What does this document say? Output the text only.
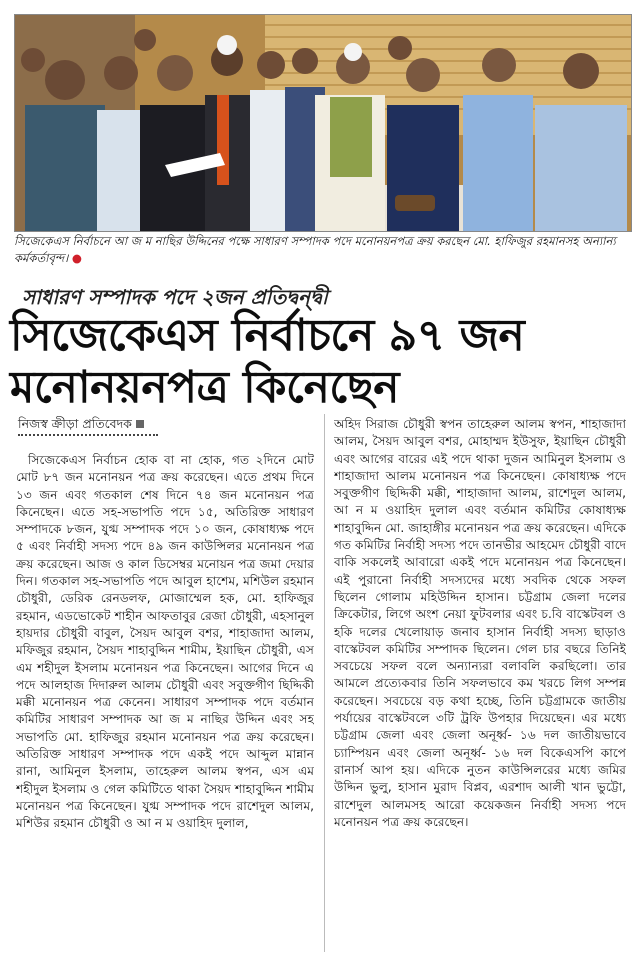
সিজেকেএস নির্বাচনে আ জ ম নাছির উদ্দিনের পক্ষে সাধারণ সম্পাদক পদে মনোনয়নপত্র ক্রয় করছেন মো. হাফিজুর রহমানসহ অন্যান্য কর্মকর্তাবৃন্দ। ●
সাধারণ সম্পাদক পদে ২জন প্রতিদ্বন্দ্বী
সিজেকেএস নির্বাচনে ৯৭ জন
মনোনয়নপত্র কিনেছেন
নিজস্ব ক্রীড়া প্রতিবেদক

সিজেকেএস নির্বাচন হোক বা না হোক, গত ২দিনে মোট মোট ৮৭ জন মনোনয়ন পত্র ক্রয় করেছেন। এতে প্রথম দিনে ১৩ জন এবং গতকাল শেষ দিনে ৭৪ জন মনোনয়ন পত্র কিনেছেন। এতে সহ-সভাপতি পদে ১৫, অতিরিক্ত সাধারণ সম্পাদকে ৮জন, যুগ্ম সম্পাদক পদে ১০ জন, কোষাধ্যক্ষ পদে ৫ এবং নির্বাহী সদস্য পদে ৪৯ জন কাউন্সিলর মনোনয়ন পত্র ক্রয় করেছেন। আজ ও কাল ডিসেম্বর মনোয়ন পত্র জমা দেয়ার দিন। গতকাল সহ-সভাপতি পদে আবুল হাশেম, মশিউল রহমান চৌধুরী, ডেরিক রেনডলফ, মোজাম্মেল হক, মো. হাফিজুর রহমান, এডভোকেট শাহীন আফতাবুর রেজা চৌধুরী, এহসানুল হায়দার চৌধুরী বাবুল, সৈয়দ আবুল বশর, শাহাজাদা আলম, মফিজুর রহমান, সৈয়দ শাহাবুদ্দিন শামীম, ইয়াছিন চৌধুরী, এস এম শহীদুল ইসলাম মনোনয়ন পত্র কিনেছেন। আগের দিনে এ পদে আলহাজ দিদারুল আলম চৌধুরী এবং সবুক্তগীণ ছিদ্দিকী মক্কী মনোনয়ন পত্র কেনেন। সাধারণ সম্পাদক পদে বর্তমান কমিটির সাধারণ সম্পাদক আ জ ম নাছির উদ্দিন এবং সহ সভাপতি মো. হাফিজুর রহমান মনোনয়ন পত্র ক্রয় করেছেন। অতিরিক্ত সাধারণ সম্পাদক পদে একই পদে আব্দুল মান্নান রানা, আমিনুল ইসলাম, তাহেরুল আলম স্বপন, এস এম শহীদুল ইসলাম ও গেল কমিটিতে থাকা সৈয়দ শাহাবুদ্দিন শামীম মনোনয়ন পত্র কিনেছেন। যুগ্ম সম্পাদক পদে রাশেদুল আলম, মশিউর রহমান চৌধুরী ও আ ন ম ওয়াহিদ দুলাল,

অহিদ সিরাজ চৌধুরী স্বপন তাহেরুল আলম স্বপন, শাহাজাদা আলম, সৈয়দ আবুল বশর, মোহাম্মদ ইউসুফ, ইয়াছিন চৌধুরী এবং আগের বারের এই পদে থাকা দুজন আমিনুল ইসলাম ও শাহাজাদা আলম মনোনয়ন পত্র কিনেছেন। কোষাধ্যক্ষ পদে সবুক্তগীণ ছিদ্দিকী মক্কী, শাহাজাদা আলম, রাশেদুল আলম, আ ন ম ওয়াহিদ দুলাল এবং বর্তমান কমিটির কোষাধ্যক্ষ শাহাবুদ্দিন মো. জাহাঙ্গীর মনোনয়ন পত্র ক্রয় করেছেন। এদিকে গত কমিটির নির্বাহী সদস্য পদে তানভীর আহমেদ চৌধুরী বাদে বাকি সকলেই আবারো একই পদে মনোনয়ন পত্র কিনেছেন। এই পুরানো নির্বাহী সদস্যদের মধ্যে সবদিক থেকে সফল ছিলেন গোলাম মহিউদ্দিন হাসান। চট্টগ্রাম জেলা দলের ক্রিকেটার, লিগে অংশ নেয়া ফুটবলার এবং চ.বি বাস্কেটবল ও হকি দলের খেলোয়াড় জনাব হাসান নির্বাহী সদস্য ছাড়াও বাস্কেটবল কমিটির সম্পাদক ছিলেন। গেল চার বছরে তিনিই সবচেয়ে সফল বলে অন্যান্যরা বলাবলি করছিলো। তার আমলে প্রত্যেকবার তিনি সফলভাবে কম খরচে লিগ সম্পন্ন করেছেন। সবচেয়ে বড় কথা হচ্ছে, তিনি চট্টগ্রামকে জাতীয় পর্যায়ের বাস্কেটবলে ৩টি ট্রফি উপহার দিয়েছেন। এর মধ্যে চট্টগ্রাম জেলা এবং জেলা অনূর্ধ্ব- ১৬ দল জাতীয়ভাবে চ্যাম্পিয়ন এবং জেলা অনূর্ধ্ব- ১৬ দল বিকেএসপি কাপে রানার্স আপ হয়। এদিকে নুতন কাউন্সিলরের মধ্যে জমির উদ্দিন ভুলু, হাসান মুরাদ বিপ্লব, এরশাদ আলী খান ভুট্টো, রাশেদুল আলমসহ আরো কয়েকজন নির্বাহী সদস্য পদে মনোনয়ন পত্র ক্রয় করেছেন।
